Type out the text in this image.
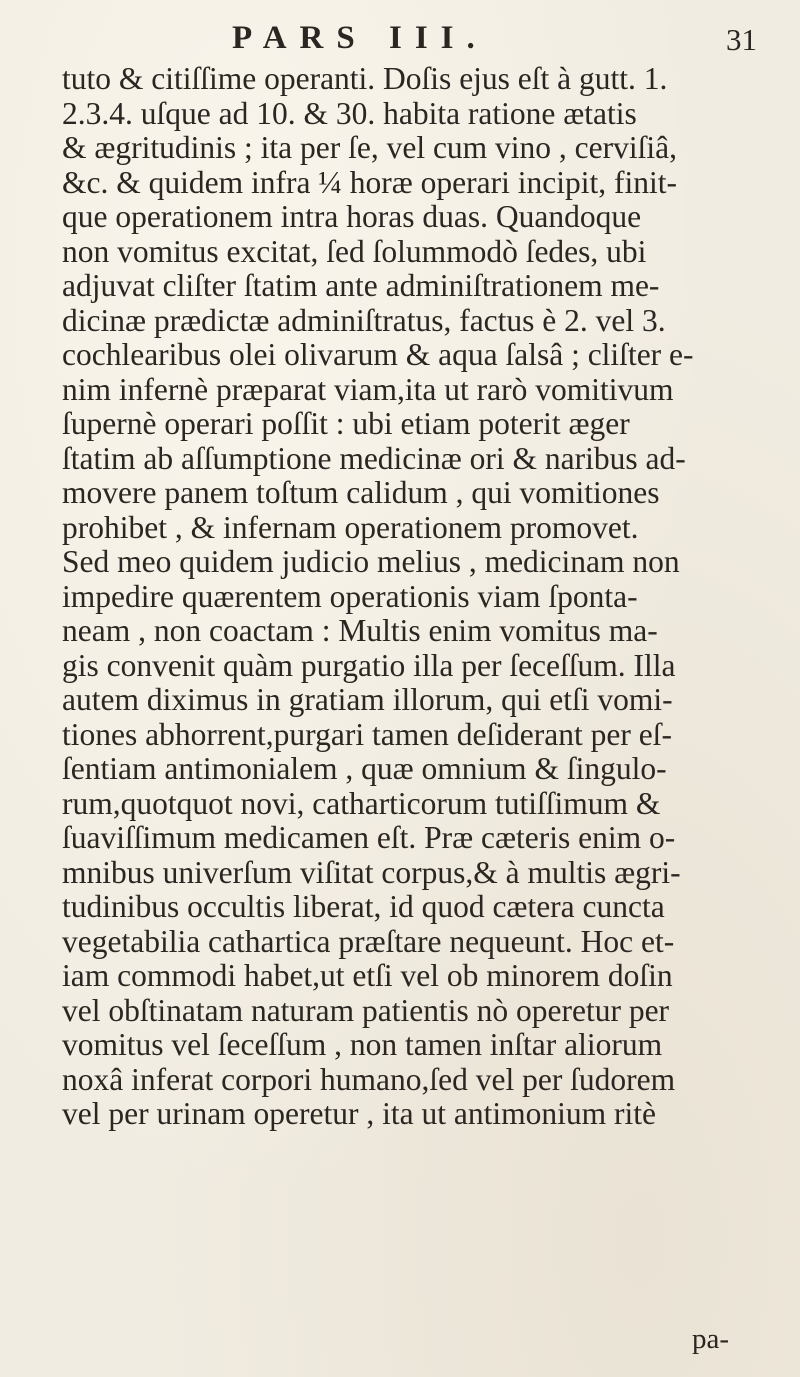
PARS III.	31
tuto & citiſſime operanti. Doſis ejus eſt à gutt. 1.
2.3.4. uſque ad 10. & 30. habita ratione ætatis
& ægritudinis ; ita per ſe, vel cum vino , cerviſiâ,
&c. & quidem infra ¼ horæ operari incipit, finit-
que operationem intra horas duas. Quandoque
non vomitus excitat, ſed ſolummodò ſedes, ubi
adjuvat cliſter ſtatim ante adminiſtrationem me-
dicinæ prædictæ adminiſtratus, factus è 2. vel 3.
cochlearibus olei olivarum & aqua ſalsâ ; cliſter e-
nim infernè præparat viam,ita ut rarò vomitivum
ſupernè operari poſſit : ubi etiam poterit æger
ſtatim ab aſſumptione medicinæ ori & naribus ad-
movere panem toſtum calidum , qui vomitiones
prohibet , & infernam operationem promovet.
Sed meo quidem judicio melius , medicinam non
impedire quærentem operationis viam ſponta-
neam , non coactam : Multis enim vomitus ma-
gis convenit quàm purgatio illa per ſeceſſum. Illa
autem diximus in gratiam illorum, qui etſi vomi-
tiones abhorrent,purgari tamen deſiderant per eſ-
ſentiam antimonialem , quæ omnium & ſingulo-
rum,quotquot novi, catharticorum tutiſſimum &
ſuaviſſimum medicamen eſt. Præ cæteris enim o-
mnibus univerſum viſitat corpus,& à multis ægri-
tudinibus occultis liberat, id quod cætera cuncta
vegetabilia cathartica præſtare nequeunt. Hoc et-
iam commodi habet,ut etſi vel ob minorem doſin
vel obſtinatam naturam patientis nò operetur per
vomitus vel ſeceſſum , non tamen inſtar aliorum
noxâ inferat corpori humano,ſed vel per ſudorem
vel per urinam operetur , ita ut antimonium ritè
pa-
